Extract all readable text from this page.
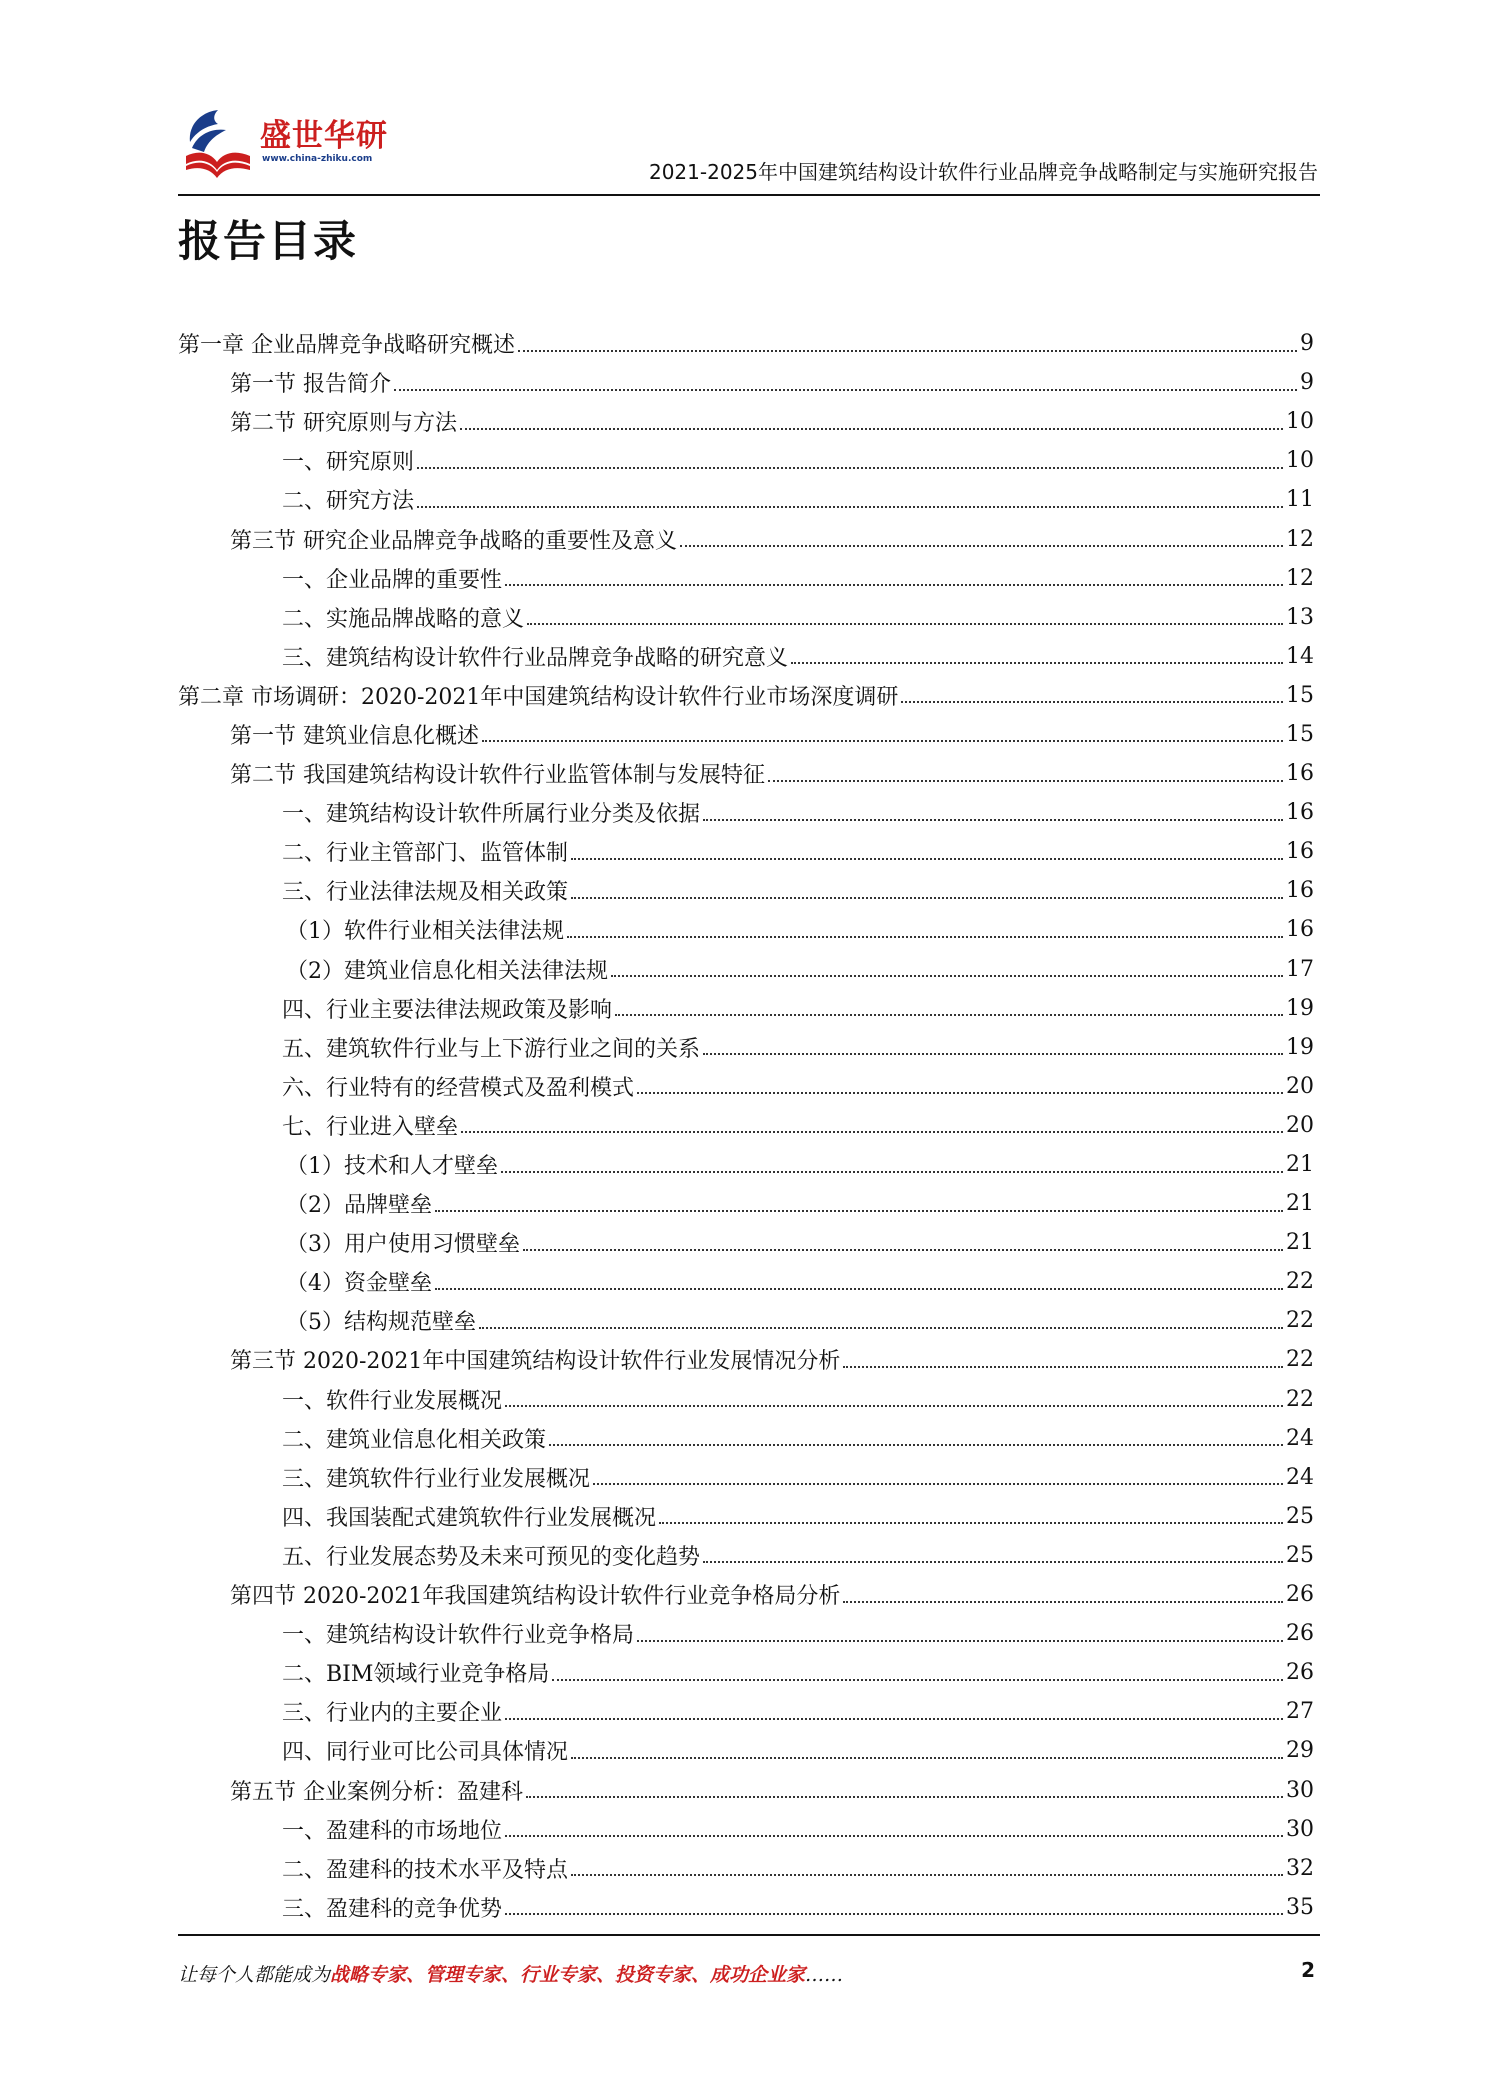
盛世华研
www.china-zhiku.com
2021-2025年中国建筑结构设计软件行业品牌竞争战略制定与实施研究报告
报告目录
第一章 企业品牌竞争战略研究概述	9
第一节 报告简介	9
第二节 研究原则与方法	10
一、研究原则	10
二、研究方法	11
第三节 研究企业品牌竞争战略的重要性及意义	12
一、企业品牌的重要性	12
二、实施品牌战略的意义	13
三、建筑结构设计软件行业品牌竞争战略的研究意义	14
第二章 市场调研：2020-2021年中国建筑结构设计软件行业市场深度调研	15
第一节 建筑业信息化概述	15
第二节 我国建筑结构设计软件行业监管体制与发展特征	16
一、建筑结构设计软件所属行业分类及依据	16
二、行业主管部门、监管体制	16
三、行业法律法规及相关政策	16
（1）软件行业相关法律法规	16
（2）建筑业信息化相关法律法规	17
四、行业主要法律法规政策及影响	19
五、建筑软件行业与上下游行业之间的关系	19
六、行业特有的经营模式及盈利模式	20
七、行业进入壁垒	20
（1）技术和人才壁垒	21
（2）品牌壁垒	21
（3）用户使用习惯壁垒	21
（4）资金壁垒	22
（5）结构规范壁垒	22
第三节 2020-2021年中国建筑结构设计软件行业发展情况分析	22
一、软件行业发展概况	22
二、建筑业信息化相关政策	24
三、建筑软件行业行业发展概况	24
四、我国装配式建筑软件行业发展概况	25
五、行业发展态势及未来可预见的变化趋势	25
第四节 2020-2021年我国建筑结构设计软件行业竞争格局分析	26
一、建筑结构设计软件行业竞争格局	26
二、BIM领域行业竞争格局	26
三、行业内的主要企业	27
四、同行业可比公司具体情况	29
第五节 企业案例分析：盈建科	30
一、盈建科的市场地位	30
二、盈建科的技术水平及特点	32
三、盈建科的竞争优势	35
让每个人都能成为战略专家、管理专家、行业专家、投资专家、成功企业家……	2
